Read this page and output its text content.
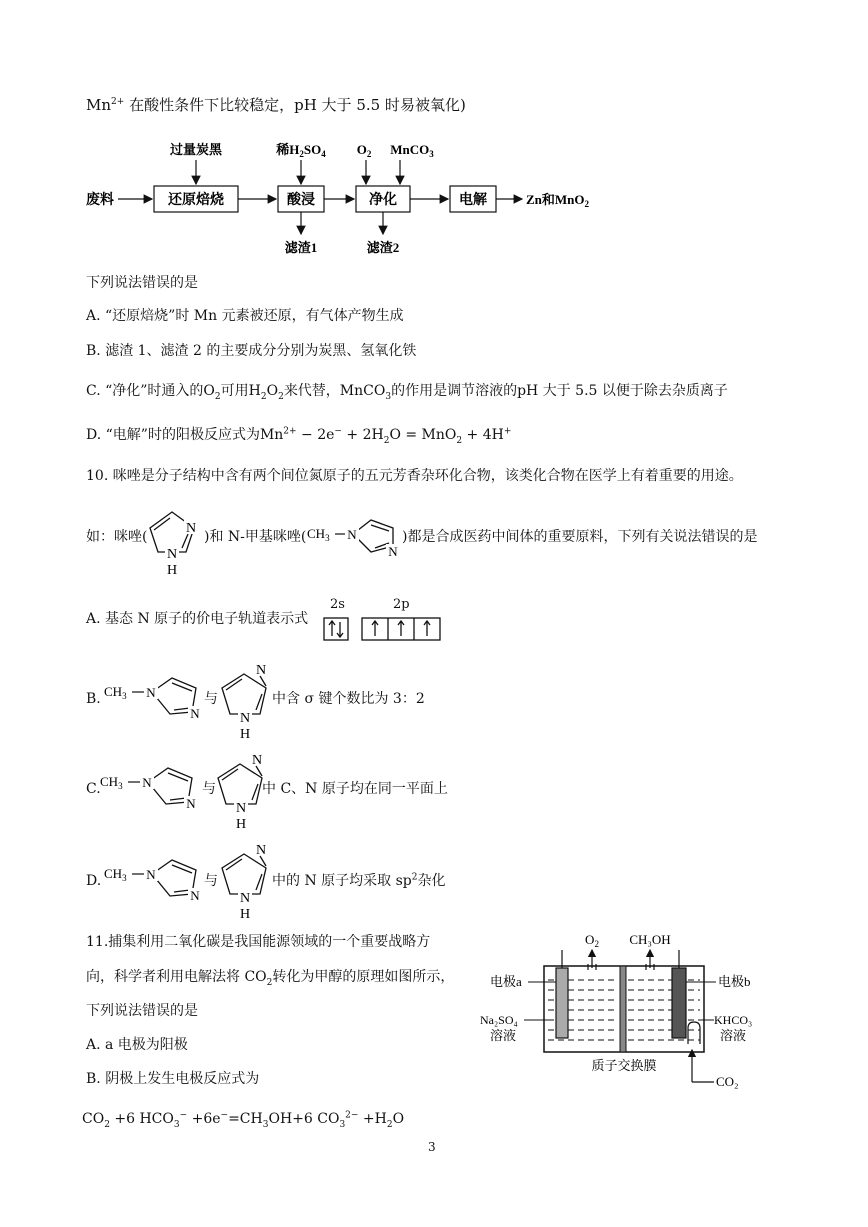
$Mn^{2+}$ 在酸性条件下比较稳定，pH 大于 5.5 时易被氧化)
废料	还原焙烧
过量炭黑
酸浸
稀$H_2SO_4$
滤渣1
净化
$O_2$ MnCO$_3$
滤渣2
电解	Zn和MnO$_2$
下列说法错误的是
A. “还原焙烧”时 Mn 元素被还原，有气体产物生成
B. 滤渣 1、滤渣 2 的主要成分分别为炭黑、氢氧化铁
C. “净化”时通入的$O_2$可用$H_2O_2$来代替，MnCO$_3$的作用是调节溶液的pH 大于 5.5 以便于除去杂质离子
D. “电解”时的阳极反应式为$Mn^{2+} - 2e^- + 2H_2O = MnO_2 + 4H^+$
10. 咪唑是分子结构中含有两个间位氮原子的五元芳香杂环化合物，该类化合物在医学上有着重要的用途。
如：咪唑(
N
N
H
)和 N-甲基咪唑( $CH_3$ N
N
)都是合成医药中间体的重要原料，下列有关说法错误的是
A. 基态 N 原子的价电子轨道表示式
2s	2p
B. $CH_3$ N
N
与
N
N
H
中含 σ 键个数比为 3：2
C. $CH_3$ N
N
与
N
N
H
中 C、N 原子均在同一平面上
D. $CH_3$ N
N
与
N
N
H
中的 N 原子均采取 $sp^2$杂化
11.捕集利用二氧化碳是我国能源领域的一个重要战略方
向，科学者利用电解法将 $CO_2$转化为甲醇的原理如图所示，
下列说法错误的是
A. a 电极为阳极
B. 阴极上发生电极反应式为
$CO_2 +6$ $HCO_3^- +6e^-=CH_3OH+6$ $CO_3^{2-} +H_2O$
$O_2$ CH₃OH
CO₂
电极a	电极b
Na₂SO₄
溶液
KHCO₃
溶液
质子交换膜
3
